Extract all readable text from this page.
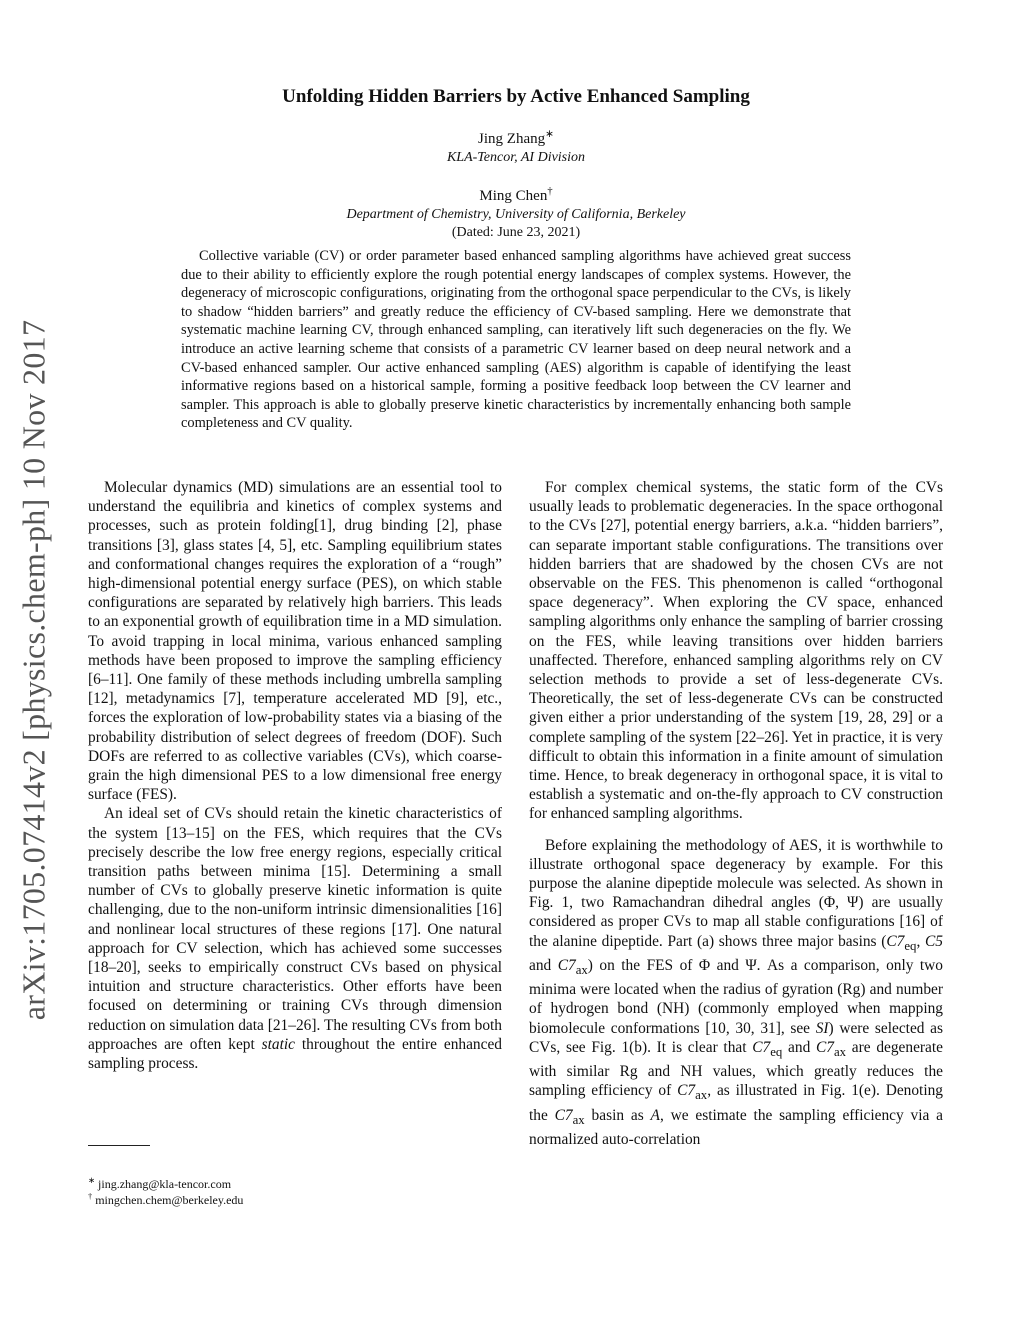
arXiv:1705.07414v2 [physics.chem-ph] 10 Nov 2017
Unfolding Hidden Barriers by Active Enhanced Sampling
Jing Zhang∗
KLA-Tencor, AI Division
Ming Chen†
Department of Chemistry, University of California, Berkeley
(Dated: June 23, 2021)

Collective variable (CV) or order parameter based enhanced sampling algorithms have achieved great success due to their ability to efficiently explore the rough potential energy landscapes of complex systems. However, the degeneracy of microscopic configurations, originating from the orthogonal space perpendicular to the CVs, is likely to shadow “hidden barriers” and greatly reduce the efficiency of CV-based sampling. Here we demonstrate that systematic machine learning CV, through enhanced sampling, can iteratively lift such degeneracies on the fly. We introduce an active learning scheme that consists of a parametric CV learner based on deep neural network and a CV-based enhanced sampler. Our active enhanced sampling (AES) algorithm is capable of identifying the least informative regions based on a historical sample, forming a positive feedback loop between the CV learner and sampler. This approach is able to globally preserve kinetic characteristics by incrementally enhancing both sample completeness and CV quality.

Molecular dynamics (MD) simulations are an essential tool to understand the equilibria and kinetics of complex systems and processes, such as protein folding[1], drug binding [2], phase transitions [3], glass states [4, 5], etc. Sampling equilibrium states and conformational changes requires the exploration of a “rough” high-dimensional potential energy surface (PES), on which stable configurations are separated by relatively high barriers. This leads to an exponential growth of equilibration time in a MD simulation. To avoid trapping in local minima, various enhanced sampling methods have been proposed to improve the sampling efficiency [6–11]. One family of these methods including umbrella sampling [12], metadynamics [7], temperature accelerated MD [9], etc., forces the exploration of low-probability states via a biasing of the probability distribution of select degrees of freedom (DOF). Such DOFs are referred to as collective variables (CVs), which coarse-grain the high dimensional PES to a low dimensional free energy surface (FES).

An ideal set of CVs should retain the kinetic characteristics of the system [13–15] on the FES, which requires that the CVs precisely describe the low free energy regions, especially critical transition paths between minima [15]. Determining a small number of CVs to globally preserve kinetic information is quite challenging, due to the non-uniform intrinsic dimensionalities [16] and nonlinear local structures of these regions [17]. One natural approach for CV selection, which has achieved some successes [18–20], seeks to empirically construct CVs based on physical intuition and structure characteristics. Other efforts have been focused on determining or training CVs through dimension reduction on simulation data [21–26]. The resulting CVs from both approaches are often kept static throughout the entire enhanced sampling process.

For complex chemical systems, the static form of the CVs usually leads to problematic degeneracies. In the space orthogonal to the CVs [27], potential energy barriers, a.k.a. “hidden barriers”, can separate important stable configurations. The transitions over hidden barriers that are shadowed by the chosen CVs are not observable on the FES. This phenomenon is called “orthogonal space degeneracy”. When exploring the CV space, enhanced sampling algorithms only enhance the sampling of barrier crossing on the FES, while leaving transitions over hidden barriers unaffected. Therefore, enhanced sampling algorithms rely on CV selection methods to provide a set of less-degenerate CVs. Theoretically, the set of less-degenerate CVs can be constructed given either a prior understanding of the system [19, 28, 29] or a complete sampling of the system [22–26]. Yet in practice, it is very difficult to obtain this information in a finite amount of simulation time. Hence, to break degeneracy in orthogonal space, it is vital to establish a systematic and on-the-fly approach to CV construction for enhanced sampling algorithms.

Before explaining the methodology of AES, it is worthwhile to illustrate orthogonal space degeneracy by example. For this purpose the alanine dipeptide molecule was selected. As shown in Fig. 1, two Ramachandran dihedral angles (Φ, Ψ) are usually considered as proper CVs to map all stable configurations [16] of the alanine dipeptide. Part (a) shows three major basins ($C7_{eq}$, C5 and $C7_{ax}$) on the FES of Φ and Ψ. As a comparison, only two minima were located when the radius of gyration (Rg) and number of hydrogen bond (NH) (commonly employed when mapping biomolecule conformations [10, 30, 31], see SI) were selected as CVs, see Fig. 1(b). It is clear that $C7_{eq}$ and $C7_{ax}$ are degenerate with similar Rg and NH values, which greatly reduces the sampling efficiency of $C7_{ax}$, as illustrated in Fig. 1(e). Denoting the $C7_{ax}$ basin as A, we estimate the sampling efficiency via a normalized auto-correlation

∗ jing.zhang@kla-tencor.com
† mingchen.chem@berkeley.edu
